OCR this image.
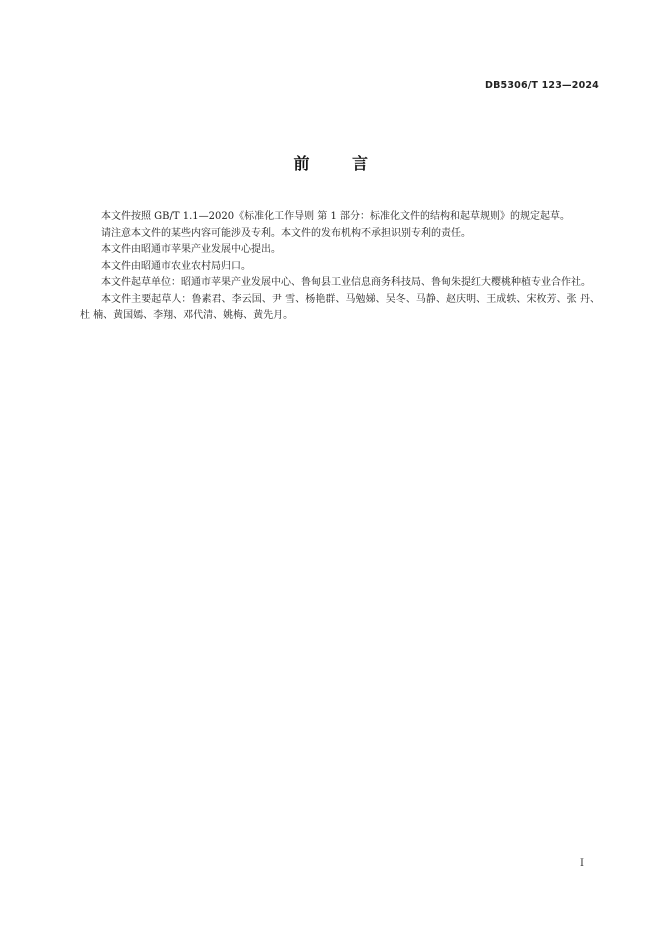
DB5306/T 123—2024
前	言

本文件按照 GB/T 1.1—2020《标准化工作导则 第 1 部分：标准化文件的结构和起草规则》的规定起草。

请注意本文件的某些内容可能涉及专利。本文件的发布机构不承担识别专利的责任。

本文件由昭通市苹果产业发展中心提出。

本文件由昭通市农业农村局归口。

本文件起草单位：昭通市苹果产业发展中心、鲁甸县工业信息商务科技局、鲁甸朱提红大樱桃种植专业合作社。

本文件主要起草人：鲁素君、李云国、尹 雪、杨艳群、马勉娣、吴冬、马静、赵庆明、王成轶、宋枚芳、张 丹、杜 楠、黄国嫣、李翔、邓代清、姚梅、黄先月。

I
